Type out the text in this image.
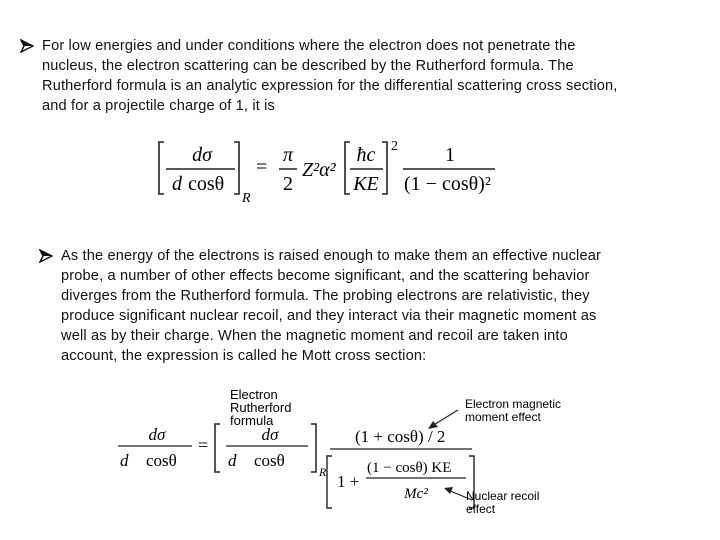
For low energies and under conditions where the electron does not penetrate the

nucleus, the electron scattering can be described by the Rutherford formula. The

Rutherford formula is an analytic expression for the differential scattering cross section,

and for a projectile charge of 1, it is

dσ
d cosθ
R
=
π
2
Z²α²
ħc
KE
2 1
(1 − cosθ)²

As the energy of the electrons is raised enough to make them an effective nuclear

probe, a number of other effects become significant, and the scattering behavior

diverges from the Rutherford formula. The probing electrons are relativistic, they

produce significant nuclear recoil, and they interact via their magnetic moment as

well as by their charge. When the magnetic moment and recoil are taken into

account, the expression is called he Mott cross section:

Electron
Rutherford
formula
Electron magnetic
moment effect
dσ
d cosθ
=
dσ
d cosθ
R
(1 + cosθ) / 2
1 +
(1 − cosθ) KE
Mc²	Nuclear recoil
effect
